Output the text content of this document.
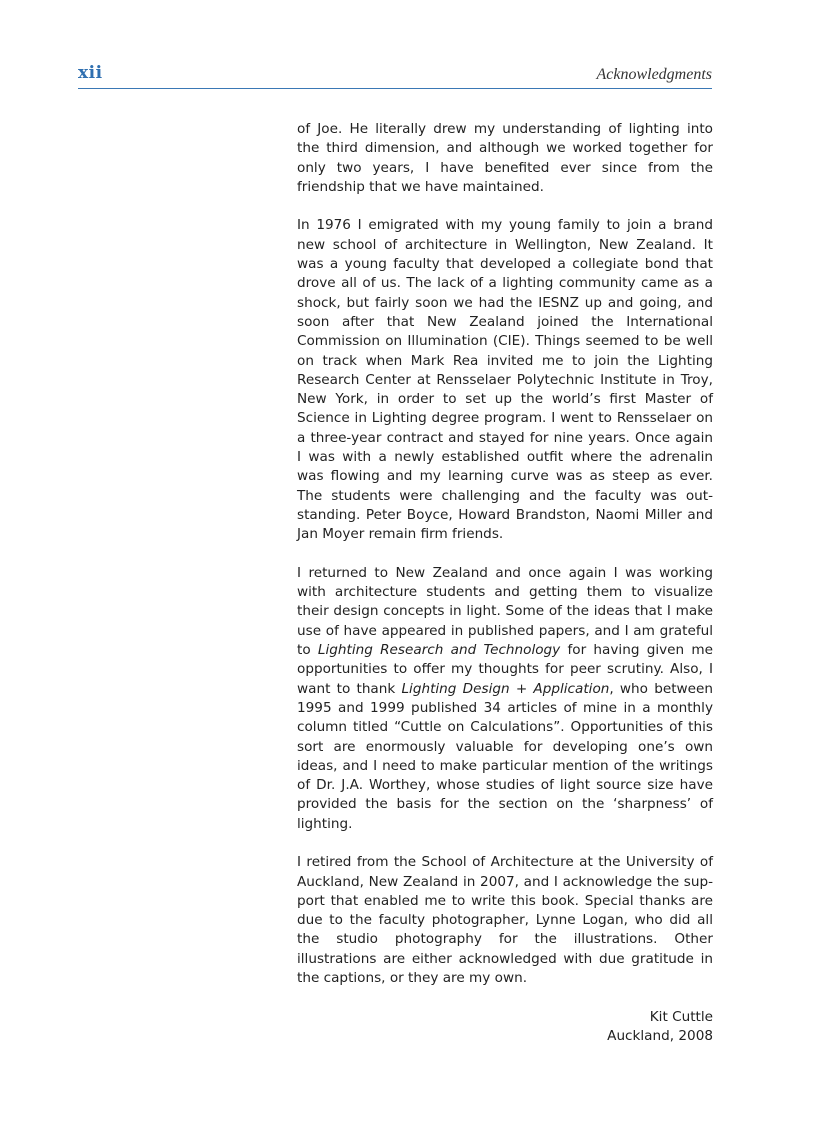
xii	Acknowledgments

of Joe. He literally drew my understanding of lighting into the third dimension, and although we worked together for only two years, I have benefited ever since from the friendship that we have maintained.

In 1976 I emigrated with my young family to join a brand new school of architecture in Wellington, New Zealand. It was a young faculty that developed a collegiate bond that drove all of us. The lack of a lighting community came as a shock, but fairly soon we had the IESNZ up and going, and soon after that New Zealand joined the International Commission on Illumination (CIE). Things seemed to be well on track when Mark Rea invited me to join the Lighting Research Center at Rensselaer Polytechnic Institute in Troy, New York, in order to set up the world’s first Master of Science in Lighting degree program. I went to Rensselaer on a three-year contract and stayed for nine years. Once again I was with a newly established outfit where the adrenalin was flowing and my learning curve was as steep as ever. The students were challenging and the faculty was outstanding. Peter Boyce, Howard Brandston, Naomi Miller and Jan Moyer remain firm friends.

I returned to New Zealand and once again I was working with architecture students and getting them to visualize their design concepts in light. Some of the ideas that I make use of have appeared in published papers, and I am grateful to Lighting Research and Technology for having given me opportunities to offer my thoughts for peer scrutiny. Also, I want to thank Lighting Design + Application, who between 1995 and 1999 published 34 articles of mine in a monthly column titled “Cuttle on Calculations”. Opportunities of this sort are enormously valuable for developing one’s own ideas, and I need to make particular mention of the writings of Dr. J.A. Worthey, whose studies of light source size have provided the basis for the section on the ‘sharpness’ of lighting.

I retired from the School of Architecture at the University of Auckland, New Zealand in 2007, and I acknowledge the support that enabled me to write this book. Special thanks are due to the faculty photographer, Lynne Logan, who did all the studio photography for the illustrations. Other illustrations are either acknowledged with due gratitude in the captions, or they are my own.

Kit Cuttle
Auckland, 2008
